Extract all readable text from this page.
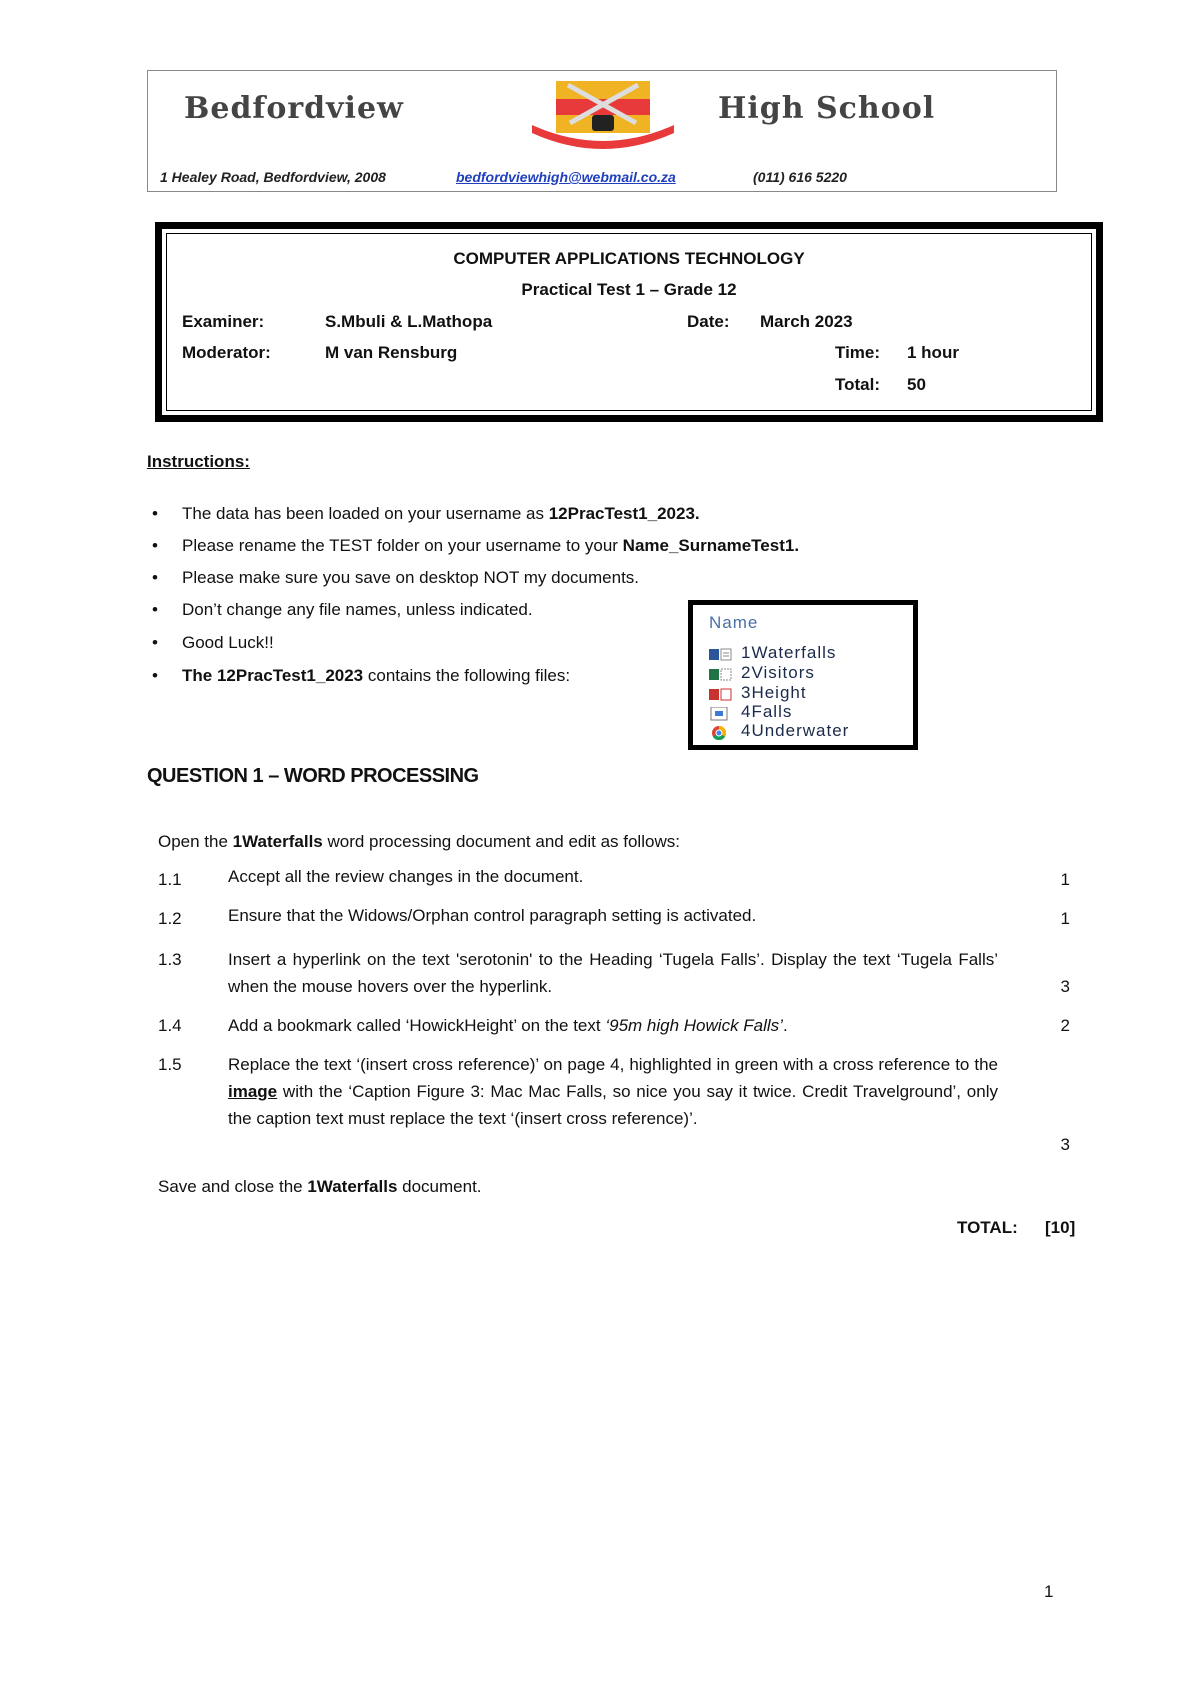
Bedfordview	High School
1 Healey Road, Bedfordview, 2008	bedfordviewhigh@webmail.co.za	(011) 616 5220
COMPUTER APPLICATIONS TECHNOLOGY
Practical Test 1 – Grade 12
Examiner:	S.Mbuli & L.Mathopa	Date: March 2023
Moderator:	M van Rensburg	Time: 1 hour
Total: 50
Instructions:
• The data has been loaded on your username as 12PracTest1_2023.
• Please rename the TEST folder on your username to your Name_SurnameTest1.
• Please make sure you save on desktop NOT my documents.
• Don’t change any file names, unless indicated.
• Good Luck!!
• The 12PracTest1_2023 contains the following files:
Name
1Waterfalls
2Visitors
3Height
4Falls
4Underwater
QUESTION 1 – WORD PROCESSING
Open the 1Waterfalls word processing document and edit as follows:
1.1	Accept all the review changes in the document.	1
1.2	Ensure that the Widows/Orphan control paragraph setting is activated.	1
1.3	Insert a hyperlink on the text 'serotonin' to the Heading ‘Tugela Falls’. Display the text ‘Tugela Falls’ when the mouse hovers over the hyperlink.	3
1.4	Add a bookmark called ‘HowickHeight’ on the text ‘95m high Howick Falls’.	2
1.5	Replace the text ‘(insert cross reference)’ on page 4, highlighted in green with a cross reference to the image with the ‘Caption Figure 3: Mac Mac Falls, so nice you say it twice. Credit Travelground’, only the caption text must replace the text ‘(insert cross reference)’.
3
Save and close the 1Waterfalls document.
TOTAL: [10]
1
